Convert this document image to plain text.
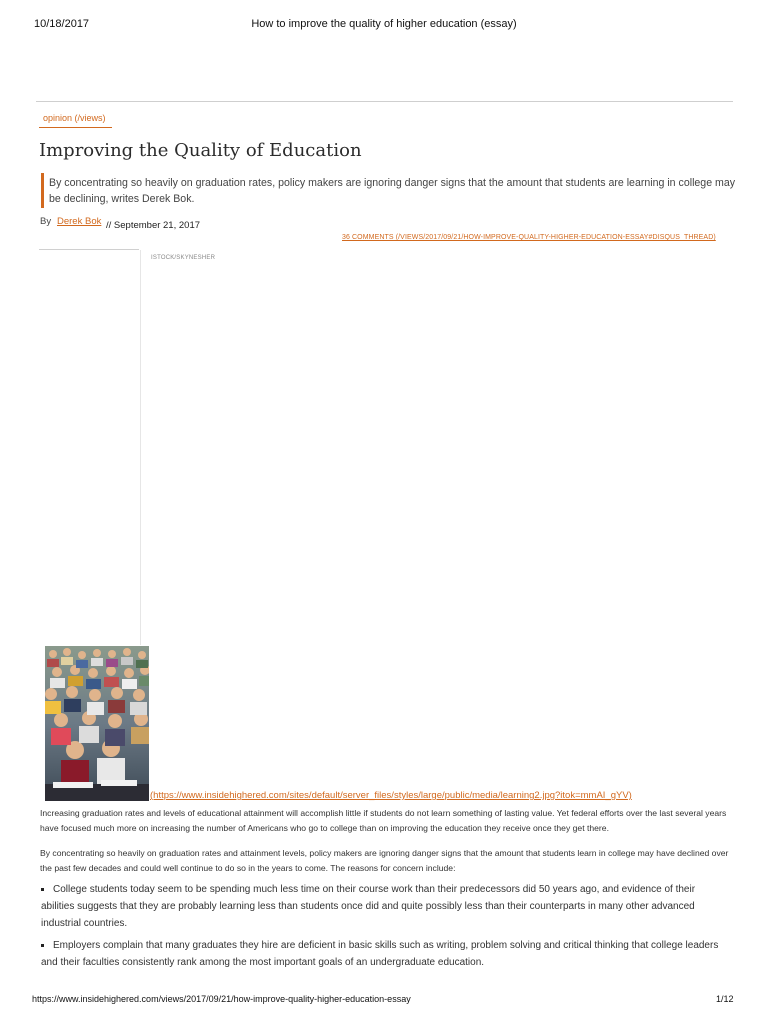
10/18/2017	How to improve the quality of higher education (essay)
opinion (/views)
Improving the Quality of Education
By concentrating so heavily on graduation rates, policy makers are ignoring danger signs that the amount that students are learning in college may be declining, writes Derek Bok.
By Derek Bok // September 21, 2017
36 COMMENTS (/VIEWS/2017/09/21/HOW-IMPROVE-QUALITY-HIGHER-EDUCATION-ESSAY#DISQUS_THREAD)
ISTOCK/SKYNESHER
(https://www.insidehighered.com/sites/default/server_files/styles/large/public/media/learning2.jpg?itok=mmAI_gYV)

Increasing graduation rates and levels of educational attainment will accomplish little if students do not learn something of lasting value. Yet federal efforts over the last several years have focused much more on increasing the number of Americans who go to college than on improving the education they receive once they get there.

By concentrating so heavily on graduation rates and attainment levels, policy makers are ignoring danger signs that the amount that students learn in college may have declined over the past few decades and could well continue to do so in the years to come. The reasons for concern include:

College students today seem to be spending much less time on their course work than their predecessors did 50 years ago, and evidence of their abilities suggests that they are probably learning less than students once did and quite possibly less than their counterparts in many other advanced industrial countries.
Employers complain that many graduates they hire are deficient in basic skills such as writing, problem solving and critical thinking that college leaders and their faculties consistently rank among the most important goals of an undergraduate education.
https://www.insidehighered.com/views/2017/09/21/how-improve-quality-higher-education-essay	1/12
